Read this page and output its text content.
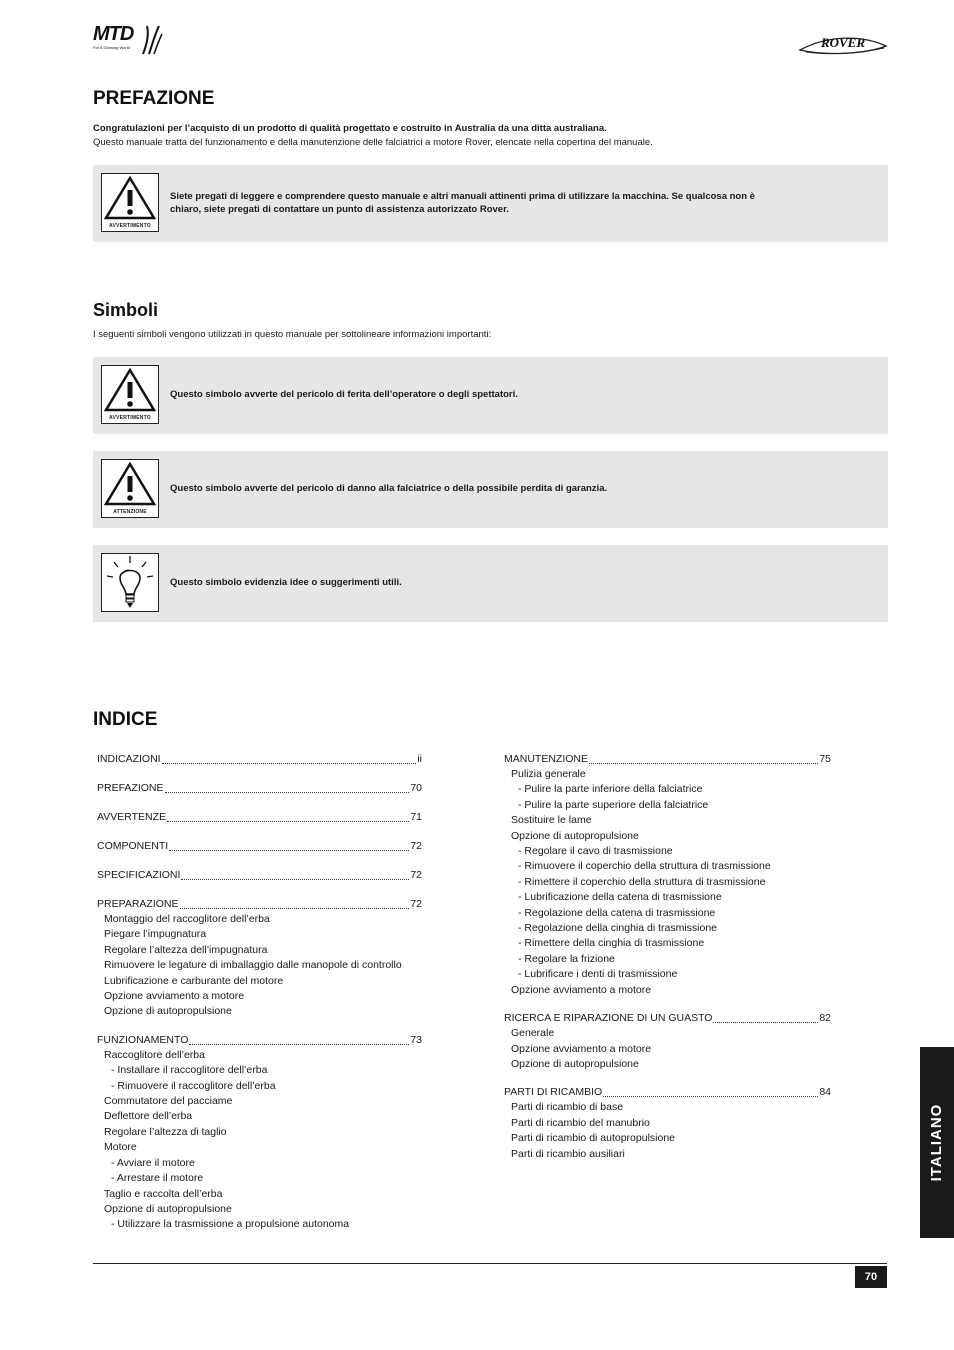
MTD
For A Growing World	ROVER
PREFAZIONE
Congratulazioni per l’acquisto di un prodotto di qualità progettato e costruito in Australia da una ditta australiana.
Questo manuale tratta del funzionamento e della manutenzione delle falciatrici a motore Rover, elencate nella copertina del manuale.
AVVERTIMENTO
Siete pregati di leggere e comprendere questo manuale e altri manuali attinenti prima di utilizzare la macchina. Se qualcosa non è
chiaro, siete pregati di contattare un punto di assistenza autorizzato Rover.
Simboli
I seguenti simboli vengono utilizzati in questo manuale per sottolineare informazioni importanti:
AVVERTIMENTO
Questo simbolo avverte del pericolo di ferita dell’operatore o degli spettatori.
ATTENZIONE
Questo simbolo avverte del pericolo di danno alla falciatrice o della possibile perdita di garanzia.
Questo simbolo evidenzia idee o suggerimenti utili.
INDICE
INDICAZIONI	ii
PREFAZIONE	70
AVVERTENZE	71
COMPONENTI	72
SPECIFICAZIONI	72
PREPARAZIONE	72
Montaggio del raccoglitore dell’erba
Piegare l’impugnatura
Regolare l’altezza dell’impugnatura
Rimuovere le legature di imballaggio dalle manopole di controllo
Lubrificazione e carburante del motore
Opzione avviamento a motore
Opzione di autopropulsione
FUNZIONAMENTO	73
Raccoglitore dell’erba
- Installare il raccoglitore dell’erba
- Rimuovere il raccoglitore dell’erba
Commutatore del pacciame
Deflettore dell’erba
Regolare l’altezza di taglio
Motore
- Avviare il motore
- Arrestare il motore
Taglio e raccolta dell’erba
Opzione di autopropulsione
- Utilizzare la trasmissione a propulsione autonoma
MANUTENZIONE	75
Pulizia generale
- Pulire la parte inferiore della falciatrice
- Pulire la parte superiore della falciatrice
Sostituire le lame
Opzione di autopropulsione
- Regolare il cavo di trasmissione
- Rimuovere il coperchio della struttura di trasmissione
- Rimettere il coperchio della struttura di trasmissione
- Lubrificazione della catena di trasmissione
- Regolazione della catena di trasmissione
- Regolazione della cinghia di trasmissione
- Rimettere della cinghia di trasmissione
- Regolare la frizione
- Lubrificare i denti di trasmissione
Opzione avviamento a motore
RICERCA E RIPARAZIONE DI UN GUASTO	82
Generale
Opzione avviamento a motore
Opzione di autopropulsione
PARTI DI RICAMBIO	84
Parti di ricambio di base
Parti di ricambio del manubrio
Parti di ricambio di autopropulsione
Parti di ricambio ausiliari	ITALIANO
70
